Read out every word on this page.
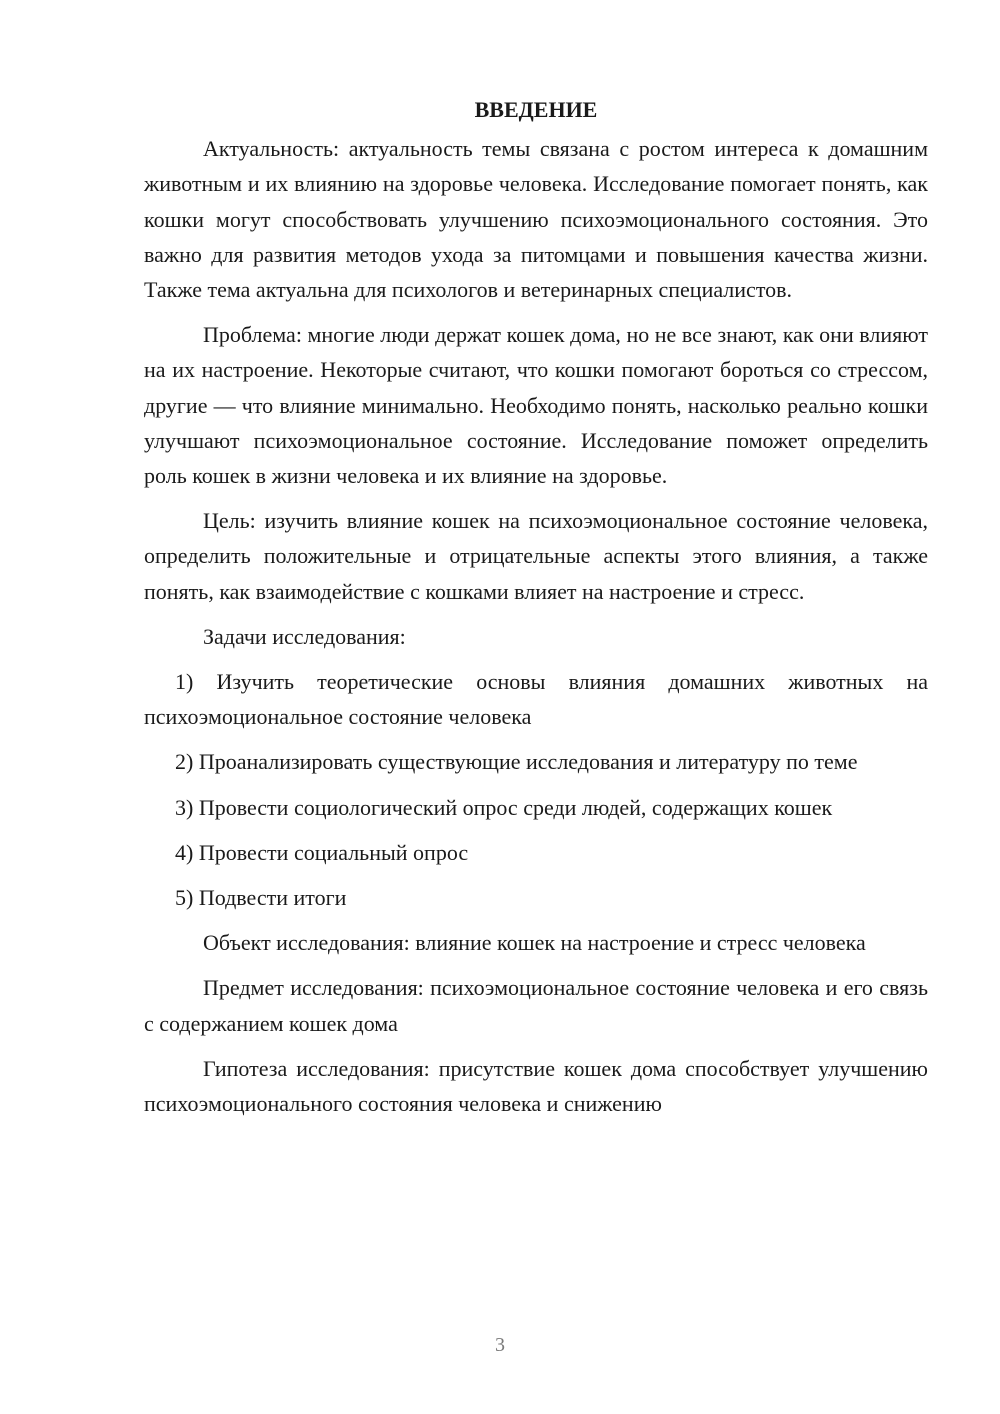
ВВЕДЕНИЕ

Актуальность: актуальность темы связана с ростом интереса к домашним животным и их влиянию на здоровье человека. Исследование помогает понять, как кошки могут способствовать улучшению психоэмоционального состояния. Это важно для развития методов ухода за питомцами и повышения качества жизни. Также тема актуальна для психологов и ветеринарных специалистов.

Проблема: многие люди держат кошек дома, но не все знают, как они влияют на их настроение. Некоторые считают, что кошки помогают бороться со стрессом, другие — что влияние минимально. Необходимо понять, насколько реально кошки улучшают психоэмоциональное состояние. Исследование поможет определить роль кошек в жизни человека и их влияние на здоровье.

Цель: изучить влияние кошек на психоэмоциональное состояние человека, определить положительные и отрицательные аспекты этого влияния, а также понять, как взаимодействие с кошками влияет на настроение и стресс.

Задачи исследования:

1) Изучить теоретические основы влияния домашних животных на психоэмоциональное состояние человека

2) Проанализировать существующие исследования и литературу по теме

3) Провести социологический опрос среди людей, содержащих кошек

4) Провести социальный опрос

5) Подвести итоги

Объект исследования: влияние кошек на настроение и стресс человека

Предмет исследования: психоэмоциональное состояние человека и его связь с содержанием кошек дома

Гипотеза исследования: присутствие кошек дома способствует улучшению психоэмоционального состояния человека и снижению

3
